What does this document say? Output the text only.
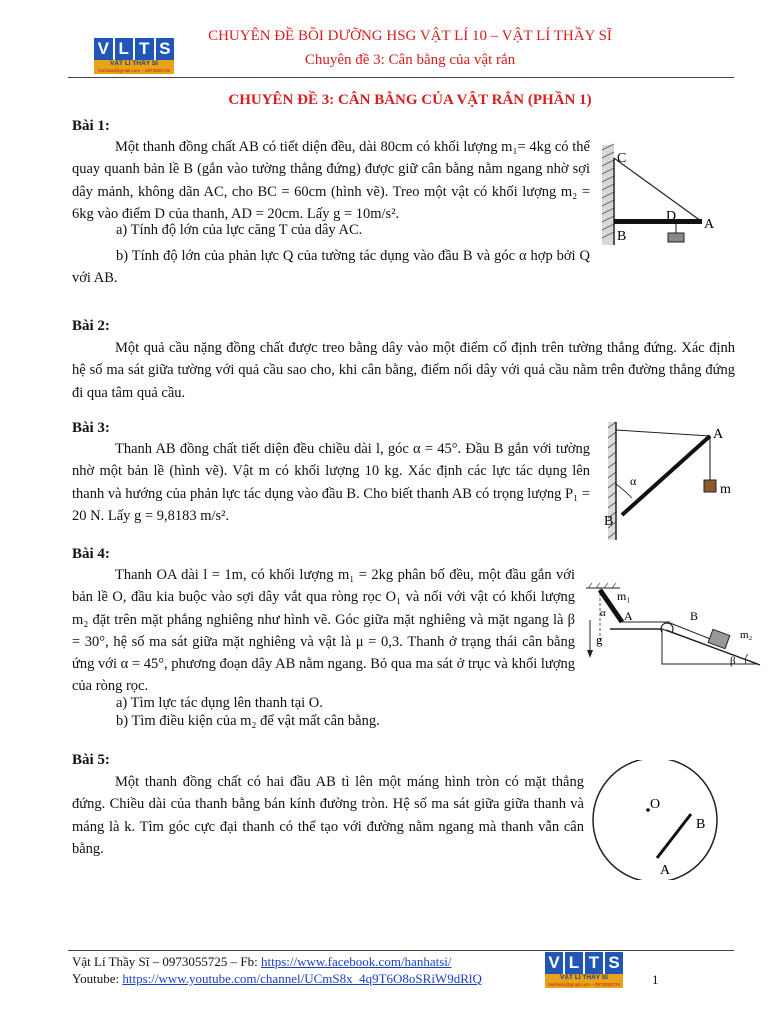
V L T S
VẬT LÍ THẦY SĨ
hanhatsi@gmail.com – 0973055725
CHUYÊN ĐỀ BỒI DƯỠNG HSG VẬT LÍ 10 – VẬT LÍ THẦY SĨ
Chuyên đề 3: Cân bằng của vật rắn
CHUYÊN ĐỀ 3: CÂN BẰNG CỦA VẬT RẮN (PHẦN 1)
Bài 1:
Một thanh đồng chất AB có tiết diện đều, dài 80cm có khối lượng m₁= 4kg có thể quay quanh bản lề B (gắn vào tường thẳng đứng) được giữ cân bằng nằm ngang nhờ sợi dây mảnh, không dãn AC, cho BC = 60cm (hình vẽ). Treo một vật có khối lượng m₂ = 6kg vào điểm D của thanh, AD = 20cm. Lấy g = 10m/s².
a) Tính độ lớn của lực căng T của dây AC.
b) Tính độ lớn của phản lực Q của tường tác dụng vào đầu B và góc α hợp bởi Q với AB.
C
D
A
B
Bài 2:
Một quả cầu nặng đồng chất được treo bằng dây vào một điểm cố định trên tường thẳng đứng. Xác định hệ số ma sát giữa tường với quả cầu sao cho, khi cân bằng, điểm nối dây với quả cầu nằm trên đường thẳng đứng đi qua tâm quả cầu.
Bài 3:
Thanh AB đồng chất tiết diện đều chiều dài l, góc α = 45°. Đầu B gắn với tường nhờ một bản lề (hình vẽ). Vật m có khối lượng 10 kg. Xác định các lực tác dụng lên thanh và hướng của phản lực tác dụng vào đầu B. Cho biết thanh AB có trọng lượng P₁ = 20 N. Lấy g = 9,8183 m/s².
A
B
m
α
Bài 4:
Thanh OA dài l = 1m, có khối lượng m₁ = 2kg phân bố đều, một đầu gắn với bản lề O, đầu kia buộc vào sợi dây vắt qua ròng rọc O₁ và nối với vật có khối lượng m₂ đặt trên mặt phẳng nghiêng như hình vẽ. Góc giữa mặt nghiêng và mặt ngang là β = 30°, hệ số ma sát giữa mặt nghiêng và vật là μ = 0,3. Thanh ở trạng thái cân bằng ứng với α = 45°, phương đoạn dây AB nằm ngang. Bỏ qua ma sát ở trục và khối lượng của ròng rọc.
a) Tìm lực tác dụng lên thanh tại O.
b) Tìm điều kiện của m₂ để vật mất cân bằng.
m₁
α A	B
g	m₂
β
Bài 5:
Một thanh đồng chất có hai đầu AB tì lên một máng hình tròn có mặt thẳng đứng. Chiều dài của thanh bằng bán kính đường tròn. Hệ số ma sát giữa giữa thanh và máng là k. Tìm góc cực đại thanh có thể tạo với đường nằm ngang mà thanh vẫn cân bằng.
O
B
A
Vật Lí Thầy Sĩ – 0973055725 – Fb: https://www.facebook.com/hanhatsi/
Youtube: https://www.youtube.com/channel/UCmS8x_4q9T6O8oSRiW9dRlQ
V L T S
VẬT LÍ THẦY SĨ
hanhatsi@gmail.com – 0973055725 1
